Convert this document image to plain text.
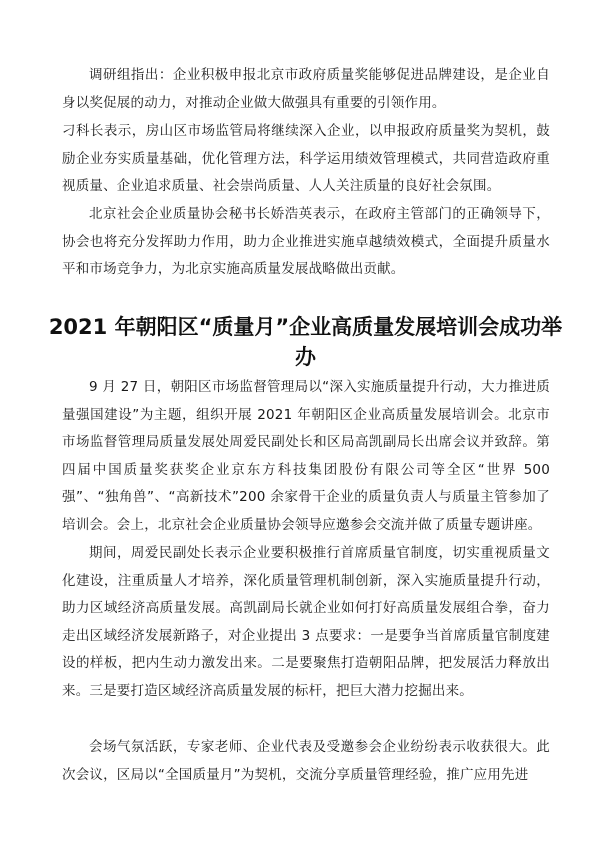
调研组指出：企业积极申报北京市政府质量奖能够促进品牌建设，是企业自身以奖促展的动力，对推动企业做大做强具有重要的引领作用。

刁科长表示，房山区市场监管局将继续深入企业，以申报政府质量奖为契机，鼓励企业夯实质量基础，优化管理方法，科学运用绩效管理模式，共同营造政府重视质量、企业追求质量、社会崇尚质量、人人关注质量的良好社会氛围。

北京社会企业质量协会秘书长娇浩英表示，在政府主管部门的正确领导下，协会也将充分发挥助力作用，助力企业推进实施卓越绩效模式，全面提升质量水平和市场竞争力，为北京实施高质量发展战略做出贡献。

2021 年朝阳区“质量月”企业高质量发展培训会成功举办

9 月 27 日，朝阳区市场监督管理局以“深入实施质量提升行动，大力推进质量强国建设”为主题，组织开展 2021 年朝阳区企业高质量发展培训会。北京市市场监督管理局质量发展处周爱民副处长和区局高凯副局长出席会议并致辞。第四届中国质量奖获奖企业京东方科技集团股份有限公司等全区“世界 500 强”、“独角兽”、“高新技术”200 余家骨干企业的质量负责人与质量主管参加了培训会。会上，北京社会企业质量协会领导应邀参会交流并做了质量专题讲座。

期间，周爱民副处长表示企业要积极推行首席质量官制度，切实重视质量文化建设，注重质量人才培养，深化质量管理机制创新，深入实施质量提升行动，助力区域经济高质量发展。高凯副局长就企业如何打好高质量发展组合拳，奋力走出区域经济发展新路子，对企业提出 3 点要求：一是要争当首席质量官制度建设的样板，把内生动力激发出来。二是要聚焦打造朝阳品牌，把发展活力释放出来。三是要打造区域经济高质量发展的标杆，把巨大潜力挖掘出来。

会场气氛活跃，专家老师、企业代表及受邀参会企业纷纷表示收获很大。此次会议，区局以“全国质量月”为契机，交流分享质量管理经验，推广应用先进
